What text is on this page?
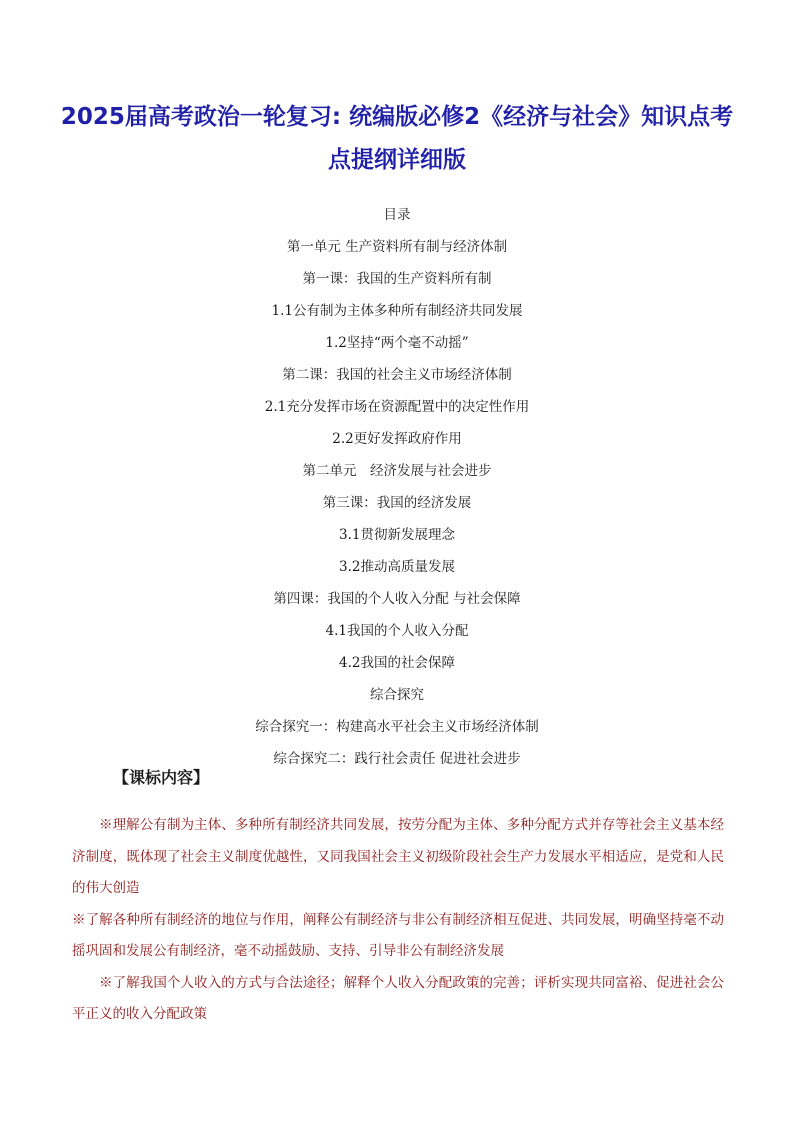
2025届高考政治一轮复习: 统编版必修2《经济与社会》知识点考点提纲详细版
目录
第一单元 生产资料所有制与经济体制
第一课：我国的生产资料所有制
1.1公有制为主体多种所有制经济共同发展
1.2坚持“两个毫不动摇”
第二课：我国的社会主义市场经济体制
2.1充分发挥市场在资源配置中的决定性作用
2.2更好发挥政府作用
第二单元　经济发展与社会进步
第三课：我国的经济发展
3.1贯彻新发展理念
3.2推动高质量发展
第四课：我国的个人收入分配 与社会保障
4.1我国的个人收入分配
4.2我国的社会保障
综合探究
综合探究一：构建高水平社会主义市场经济体制
综合探究二：践行社会责任 促进社会进步
【课标内容】

※理解公有制为主体、多种所有制经济共同发展，按劳分配为主体、多种分配方式并存等社会主义基本经济制度，既体现了社会主义制度优越性，又同我国社会主义初级阶段社会生产力发展水平相适应，是党和人民的伟大创造

※了解各种所有制经济的地位与作用，阐释公有制经济与非公有制经济相互促进、共同发展，明确坚持毫不动摇巩固和发展公有制经济，毫不动摇鼓励、支持、引导非公有制经济发展

※了解我国个人收入的方式与合法途径；解释个人收入分配政策的完善；评析实现共同富裕、促进社会公平正义的收入分配政策
